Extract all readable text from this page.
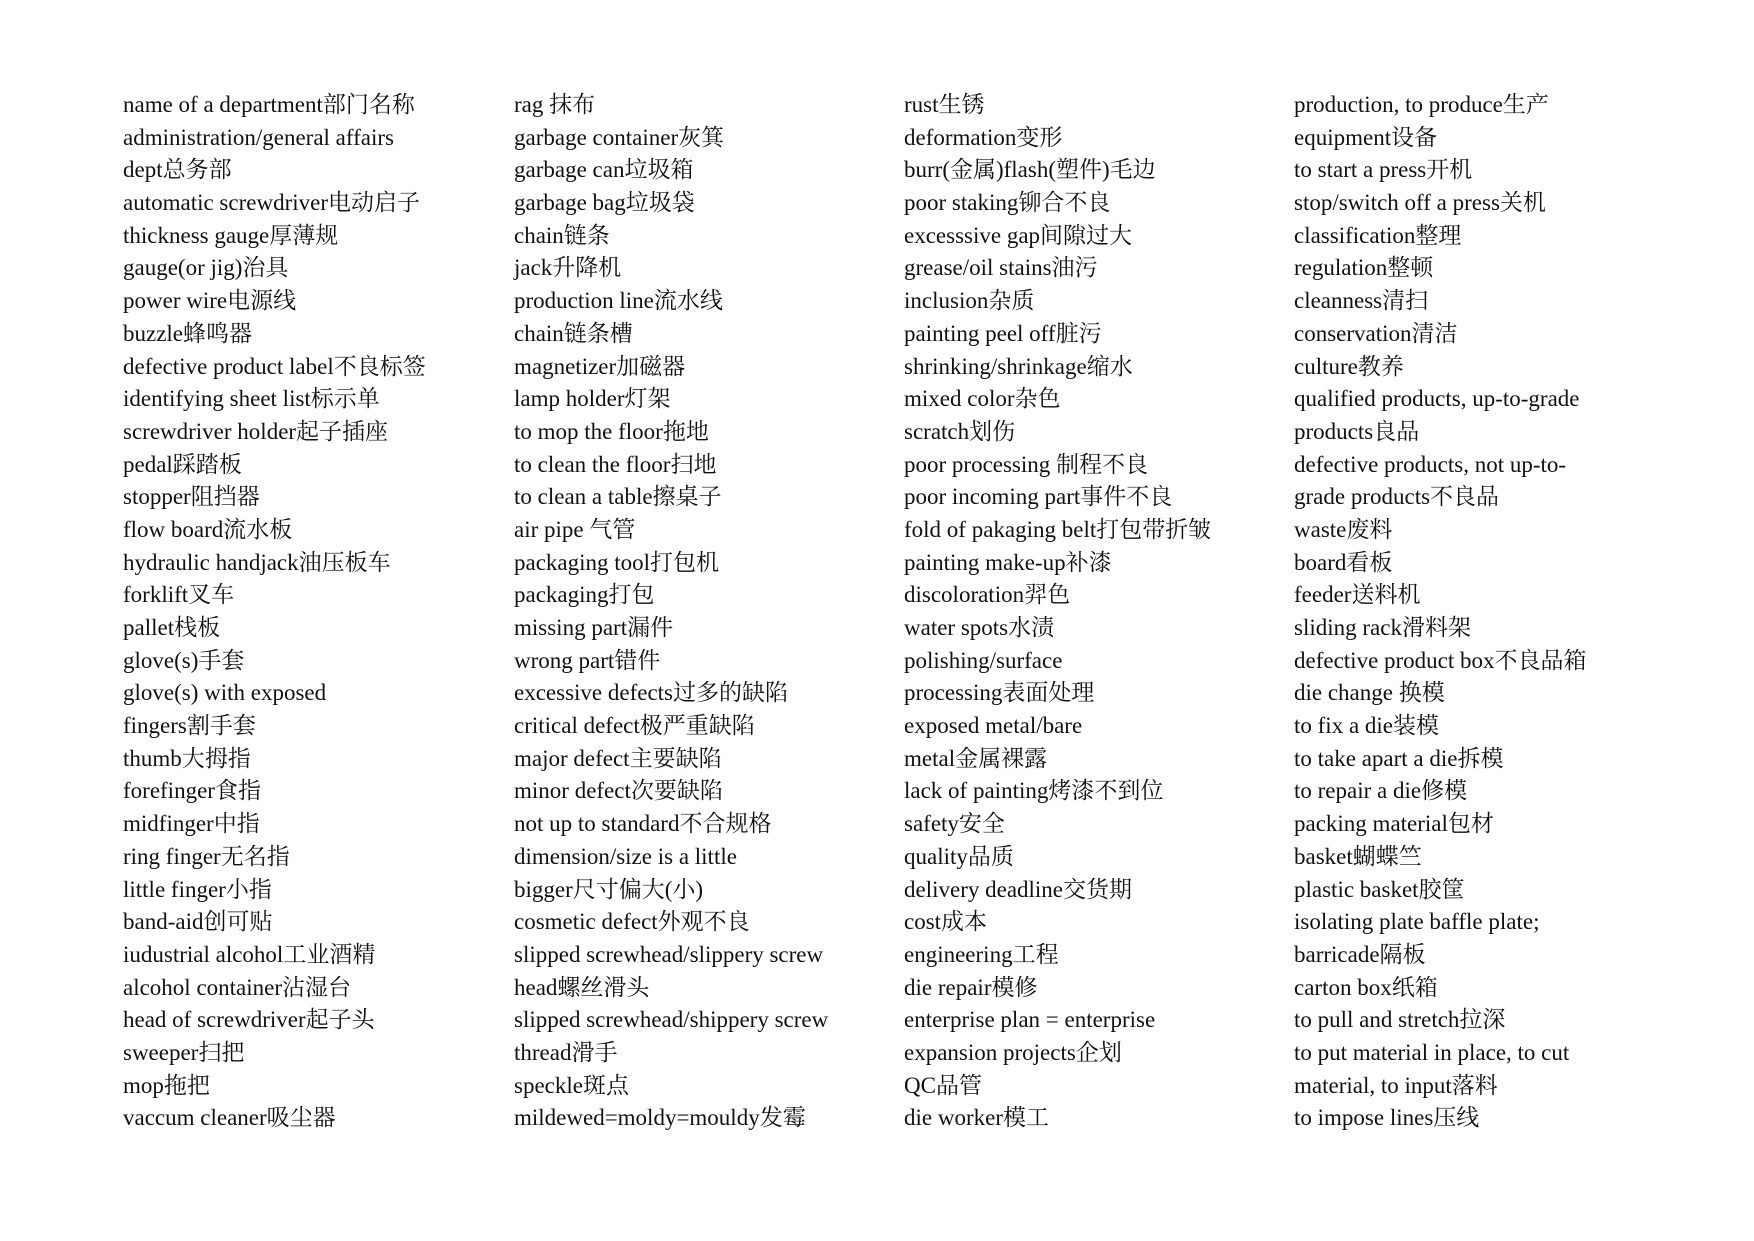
name of a department部门名称
administration/general affairs
dept总务部
automatic screwdriver电动启子
thickness gauge厚薄规
gauge(or jig)治具
power wire电源线
buzzle蜂鸣器
defective product label不良标签
identifying sheet list标示单
screwdriver holder起子插座
pedal踩踏板
stopper阻挡器
flow board流水板
hydraulic handjack油压板车
forklift叉车
pallet栈板
glove(s)手套
glove(s) with exposed
fingers割手套
thumb大拇指
forefinger食指
midfinger中指
ring finger无名指
little finger小指
band-aid创可贴
iudustrial alcohol工业酒精
alcohol container沾湿台
head of screwdriver起子头
sweeper扫把
mop拖把
vaccum cleaner吸尘器
rag 抹布
garbage container灰箕
garbage can垃圾箱
garbage bag垃圾袋
chain链条
jack升降机
production line流水线
chain链条槽
magnetizer加磁器
lamp holder灯架
to mop the floor拖地
to clean the floor扫地
to clean a table擦桌子
air pipe 气管
packaging tool打包机
packaging打包
missing part漏件
wrong part错件
excessive defects过多的缺陷
critical defect极严重缺陷
major defect主要缺陷
minor defect次要缺陷
not up to standard不合规格
dimension/size is a little
bigger尺寸偏大(小)
cosmetic defect外观不良
slipped screwhead/slippery screw
head螺丝滑头
slipped screwhead/shippery screw
thread滑手
speckle斑点
mildewed=moldy=mouldy发霉
rust生锈
deformation变形
burr(金属)flash(塑件)毛边
poor staking铆合不良
excesssive gap间隙过大
grease/oil stains油污
inclusion杂质
painting peel off脏污
shrinking/shrinkage缩水
mixed color杂色
scratch划伤
poor processing 制程不良
poor incoming part事件不良
fold of pakaging belt打包带折皱
painting make-up补漆
discoloration羿色
water spots水渍
polishing/surface
processing表面处理
exposed metal/bare
metal金属裸露
lack of painting烤漆不到位
safety安全
quality品质
delivery deadline交货期
cost成本
engineering工程
die repair模修
enterprise plan = enterprise
expansion projects企划
QC品管
die worker模工
production, to produce生产
equipment设备
to start a press开机
stop/switch off a press关机
classification整理
regulation整顿
cleanness清扫
conservation清洁
culture教养
qualified products, up-to-grade
products良品
defective products, not up-to-
grade products不良品
waste废料
board看板
feeder送料机
sliding rack滑料架
defective product box不良品箱
die change 换模
to fix a die装模
to take apart a die拆模
to repair a die修模
packing material包材
basket蝴蝶竺
plastic basket胶筐
isolating plate baffle plate;
barricade隔板
carton box纸箱
to pull and stretch拉深
to put material in place, to cut
material, to input落料
to impose lines压线
